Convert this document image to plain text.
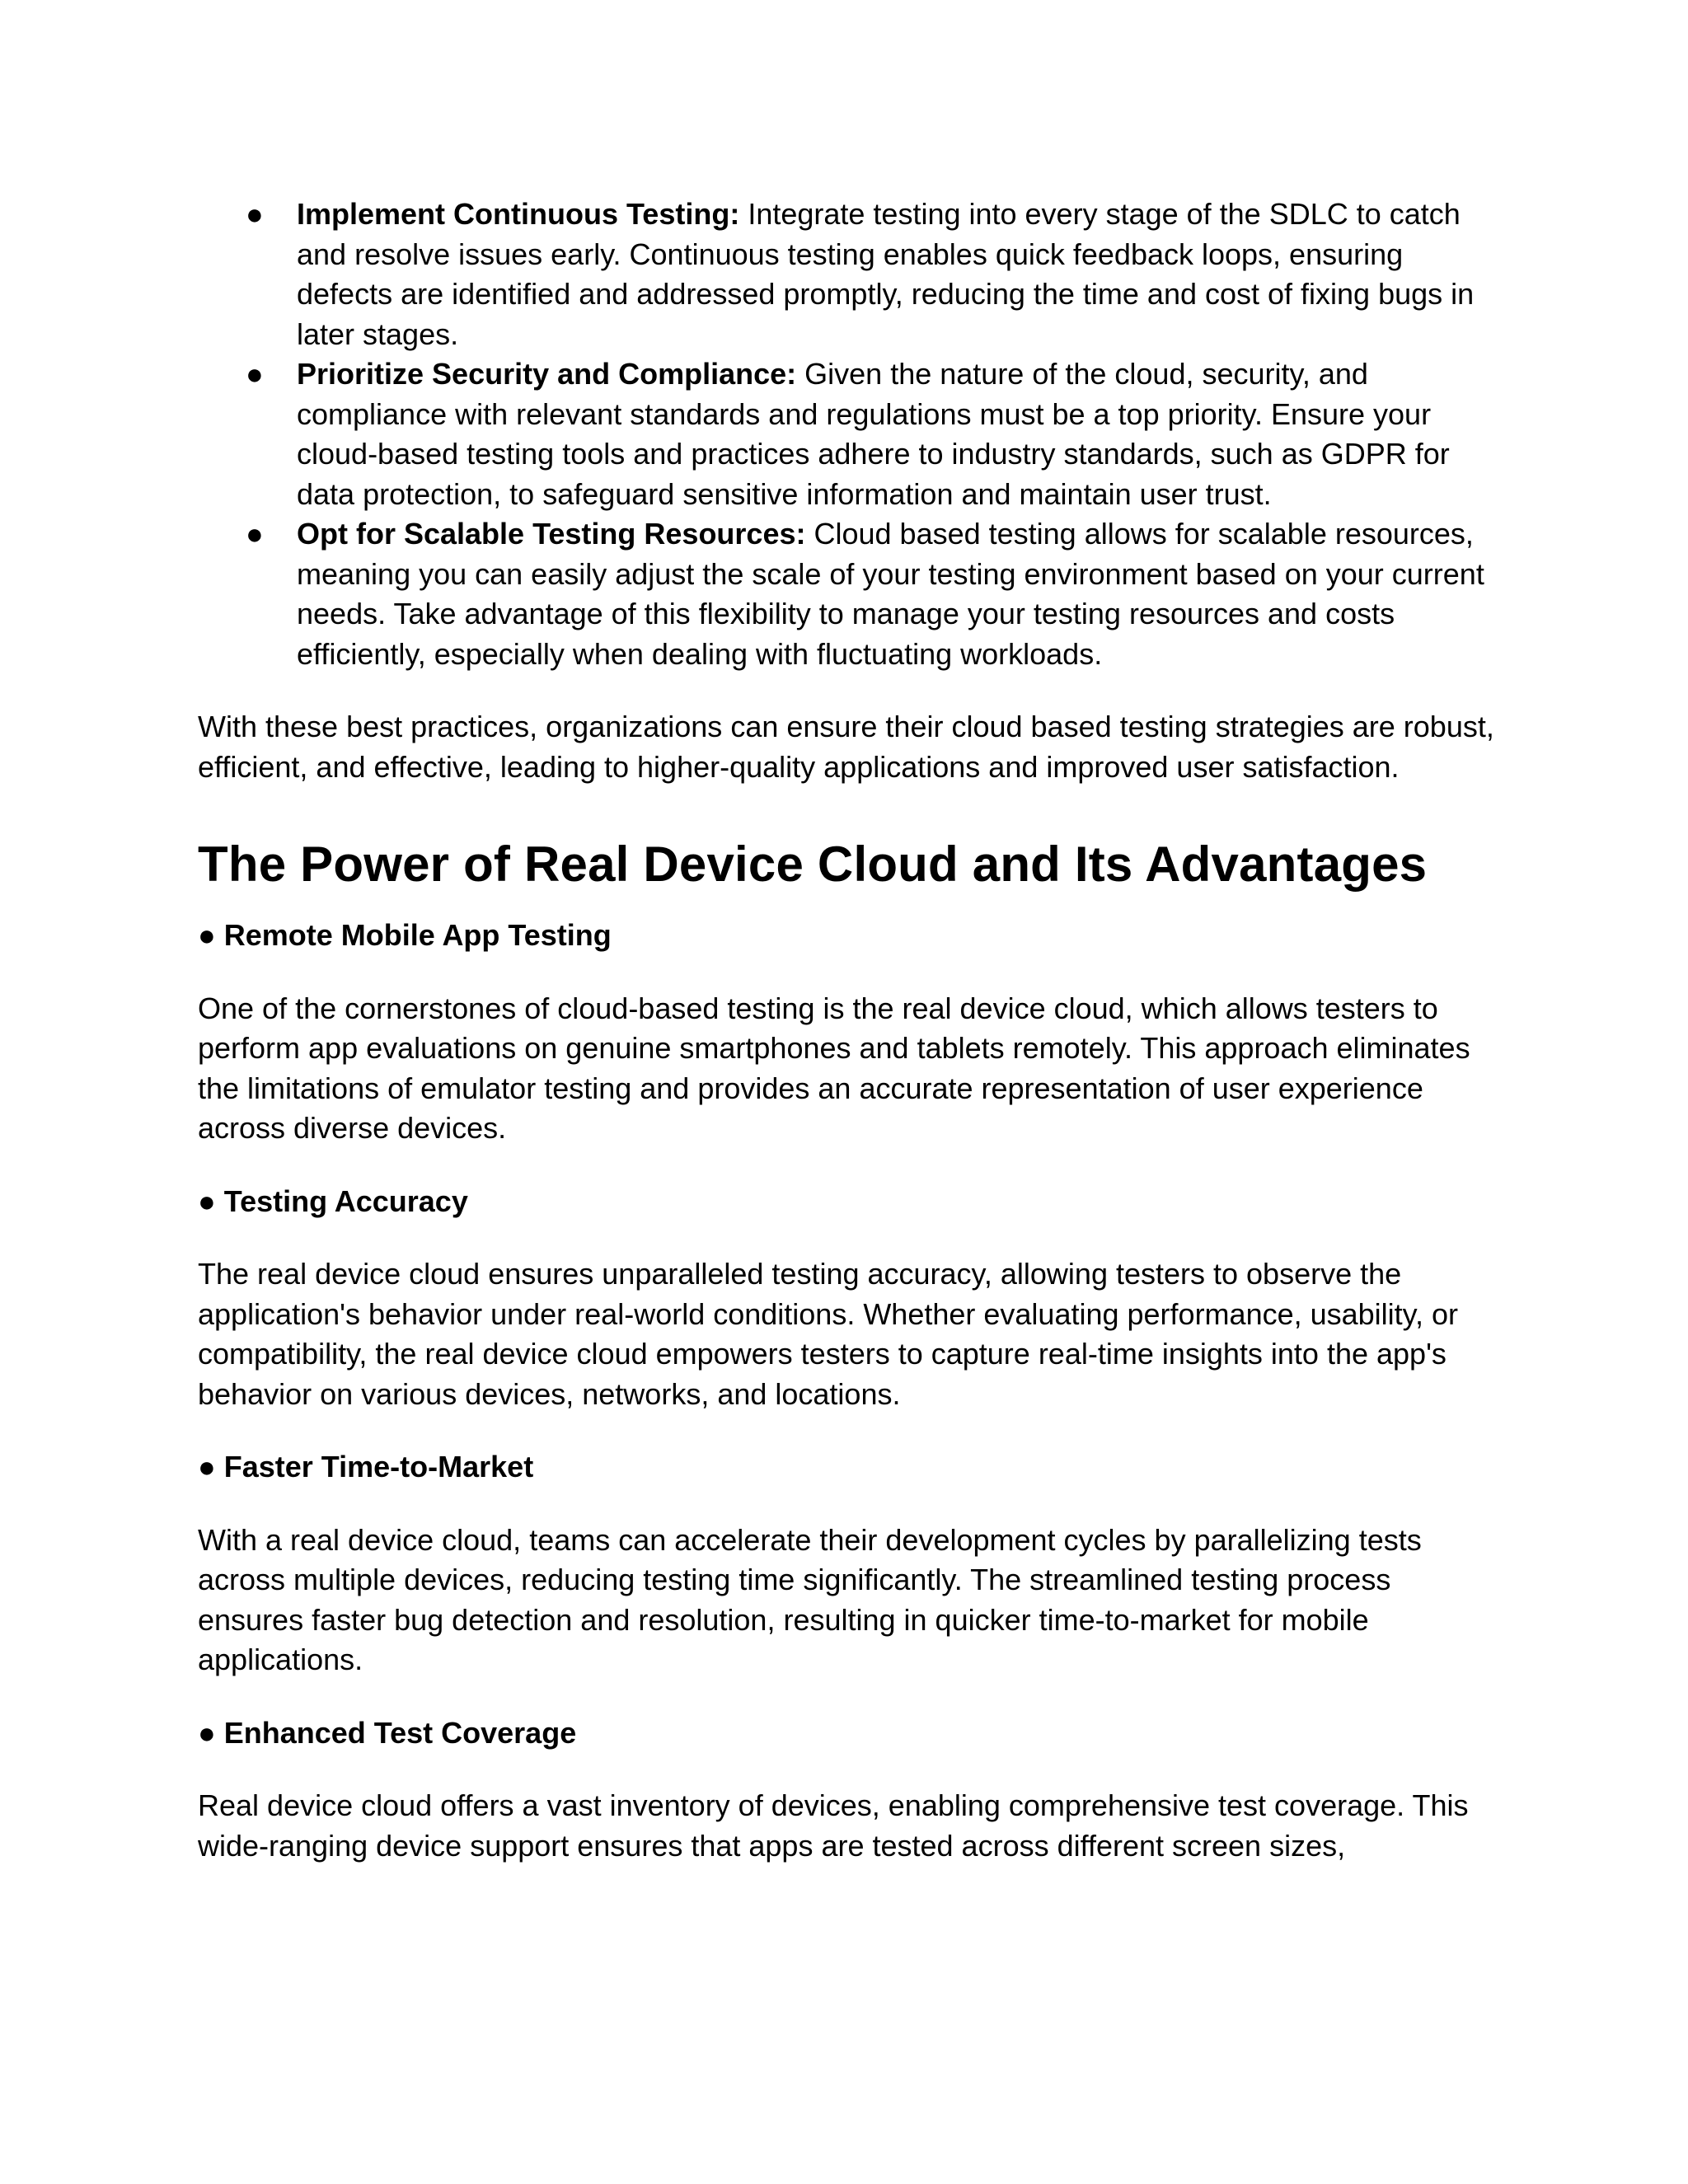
● Implement Continuous Testing: Integrate testing into every stage of the SDLC to catch and resolve issues early. Continuous testing enables quick feedback loops, ensuring defects are identified and addressed promptly, reducing the time and cost of fixing bugs in later stages.
● Prioritize Security and Compliance: Given the nature of the cloud, security, and compliance with relevant standards and regulations must be a top priority. Ensure your cloud-based testing tools and practices adhere to industry standards, such as GDPR for data protection, to safeguard sensitive information and maintain user trust.
● Opt for Scalable Testing Resources: Cloud based testing allows for scalable resources, meaning you can easily adjust the scale of your testing environment based on your current needs. Take advantage of this flexibility to manage your testing resources and costs efficiently, especially when dealing with fluctuating workloads.

With these best practices, organizations can ensure their cloud based testing strategies are robust, efficient, and effective, leading to higher-quality applications and improved user satisfaction.

The Power of Real Device Cloud and Its Advantages

● Remote Mobile App Testing

One of the cornerstones of cloud-based testing is the real device cloud, which allows testers to perform app evaluations on genuine smartphones and tablets remotely. This approach eliminates the limitations of emulator testing and provides an accurate representation of user experience across diverse devices.

● Testing Accuracy

The real device cloud ensures unparalleled testing accuracy, allowing testers to observe the application's behavior under real-world conditions. Whether evaluating performance, usability, or compatibility, the real device cloud empowers testers to capture real-time insights into the app's behavior on various devices, networks, and locations.

● Faster Time-to-Market

With a real device cloud, teams can accelerate their development cycles by parallelizing tests across multiple devices, reducing testing time significantly. The streamlined testing process ensures faster bug detection and resolution, resulting in quicker time-to-market for mobile applications.

● Enhanced Test Coverage

Real device cloud offers a vast inventory of devices, enabling comprehensive test coverage. This wide-ranging device support ensures that apps are tested across different screen sizes,
